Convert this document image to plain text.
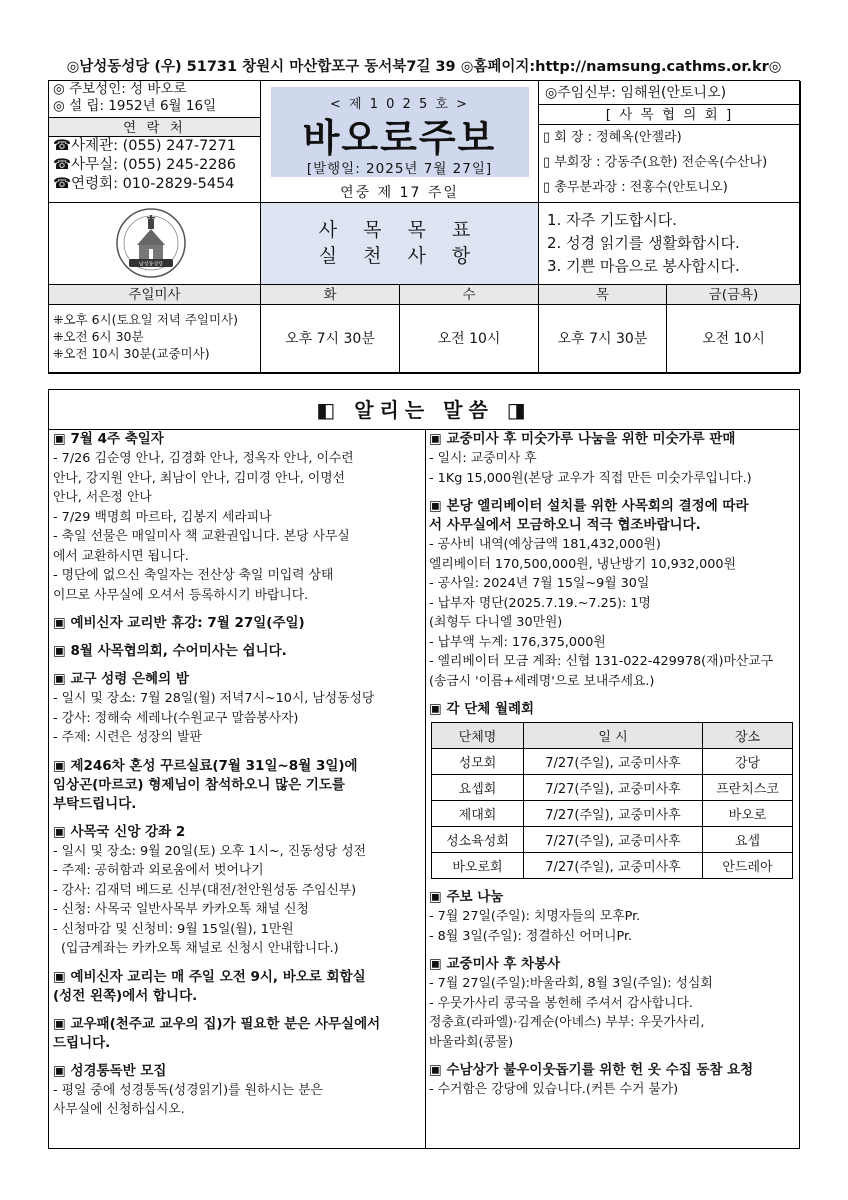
◎남성동성당 (우) 51731 창원시 마산합포구 동서북7길 39 ◎홈페이지:http://namsung.cathms.or.kr◎
◎ 주보성인: 성 바오로
◎ 설 립: 1952년 6월 16일
연 락 처
☎사제관: (055) 247-7271
☎사무실: (055) 245-2286
☎연령회: 010-2829-5454
< 제 1 0 2 5 호 >
바오로주보
[발행일: 2025년 7월 27일]
연중 제 17 주일
◎주임신부: 임해윈(안토니오)
[ 사 목 협 의 회 ]
▯ 회 장 : 정혜옥(안젤라)
▯ 부회장 : 강동주(요한) 전순옥(수산나)
▯ 총무분과장 : 전홍수(안토니오)
남성동성당
사 목 목 표
실 천 사 항
1. 자주 기도합시다.
2. 성경 읽기를 생활화합시다.
3. 기쁜 마음으로 봉사합시다.
주일미사	화	수	목	금(금욕)
⁜오후 6시(토요일 저녁 주일미사)
⁜오전 6시 30분
⁜오전 10시 30분(교중미사)
오후 7시 30분	오전 10시	오후 7시 30분	오전 10시
◧ 알리는 말씀 ◨
▣ 7월 4주 축일자
- 7/26 김순영 안나, 김경화 안나, 정옥자 안나, 이수련
안나, 강지원 안나, 최남이 안나, 김미경 안나, 이명선
안나, 서은정 안나
- 7/29 백명희 마르타, 김봉지 세라피나
- 축일 선물은 매일미사 책 교환권입니다. 본당 사무실
에서 교환하시면 됩니다.
- 명단에 없으신 축일자는 전산상 축일 미입력 상태
이므로 사무실에 오셔서 등록하시기 바랍니다.
▣ 예비신자 교리반 휴강: 7월 27일(주일)
▣ 8월 사목협의회, 수어미사는 쉽니다.
▣ 교구 성령 은혜의 밤
- 일시 및 장소: 7월 28일(월) 저녁7시~10시, 남성동성당
- 강사: 정해숙 세레나(수원교구 말씀봉사자)
- 주제: 시련은 성장의 발판
▣ 제246차 혼성 꾸르실료(7월 31일~8월 3일)에
임상곤(마르코) 형제님이 참석하오니 많은 기도를
부탁드립니다.
▣ 사목국 신앙 강좌 2
- 일시 및 장소: 9월 20일(토) 오후 1시~, 진동성당 성전
- 주제: 공허함과 외로움에서 벗어나기
- 강사: 김재덕 베드로 신부(대전/천안원성동 주임신부)
- 신청: 사목국 일반사목부 카카오톡 채널 신청
- 신청마감 및 신청비: 9월 15일(월), 1만원
(입금계좌는 카카오톡 채널로 신청시 안내합니다.)
▣ 예비신자 교리는 매 주일 오전 9시, 바오로 회합실
(성전 왼쪽)에서 합니다.
▣ 교우패(천주교 교우의 집)가 필요한 분은 사무실에서
드립니다.
▣ 성경통독반 모집
- 평일 중에 성경통독(성경읽기)를 원하시는 분은
사무실에 신청하십시오.
▣ 교중미사 후 미숫가루 나눔을 위한 미숫가루 판매
- 일시: 교중미사 후
- 1Kg 15,000원(본당 교우가 직접 만든 미숫가루입니다.)
▣ 본당 엘리베이터 설치를 위한 사목회의 결정에 따라
서 사무실에서 모금하오니 적극 협조바랍니다.
- 공사비 내역(예상금액 181,432,000원)
엘리베이터 170,500,000원, 냉난방기 10,932,000원
- 공사일: 2024년 7월 15일~9월 30일
- 납부자 명단(2025.7.19.~7.25): 1명
(최형두 다니엘 30만원)
- 납부액 누계: 176,375,000원
- 엘리베이터 모금 계좌: 신협 131-022-429978(재)마산교구
(송금시 '이름+세례명'으로 보내주세요.)
▣ 각 단체 월례회
단체명	일 시	장소
성모회	7/27(주일), 교중미사후	강당
요셉회	7/27(주일), 교중미사후	프란치스코
제대회	7/27(주일), 교중미사후	바오로
성소육성회	7/27(주일), 교중미사후	요셉
바오로회	7/27(주일), 교중미사후	안드레아
▣ 주보 나눔
- 7월 27일(주일): 치명자들의 모후Pr.
- 8월 3일(주일): 정결하신 어머니Pr.
▣ 교중미사 후 차봉사
- 7월 27일(주일):바울라회, 8월 3일(주일): 성심회
- 우뭇가사리 콩국을 봉헌해 주셔서 감사합니다.
정충효(라파엘)·김계순(아녜스) 부부: 우뭇가사리,
바울라회(콩물)
▣ 수남상가 불우이웃돕기를 위한 헌 옷 수집 동참 요청
- 수거함은 강당에 있습니다.(커튼 수거 불가)
